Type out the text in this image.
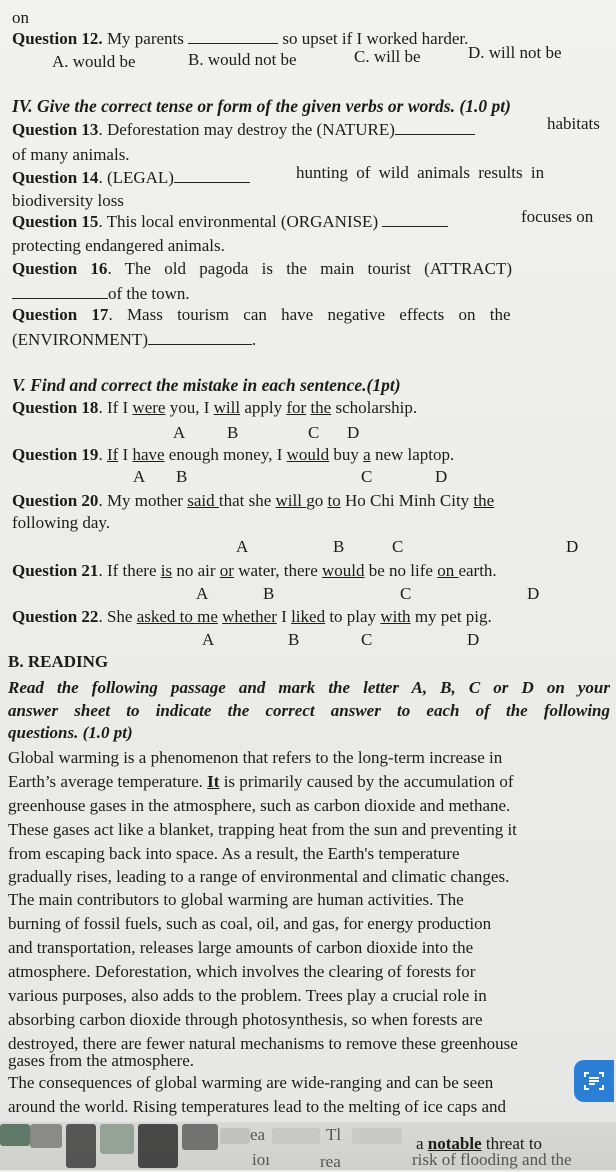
on
Question 12. My parents	so upset if I worked harder.
A. would be	B. would not be	C. will be	D. will not be
IV. Give the correct tense or form of the given verbs or words. (1.0 pt)
Question 13. Deforestation may destroy the (NATURE)	habitats
of many animals.
Question 14. (LEGAL)	hunting of wild animals results in
biodiversity loss
Question 15. This local environmental (ORGANISE)	focuses on
protecting endangered animals.
Question 16. The old pagoda is the main tourist (ATTRACT)
of the town.
Question 17. Mass tourism can have negative effects on the
(ENVIRONMENT)	.
V. Find and correct the mistake in each sentence.(1pt)
Question 18. If I were you, I will apply for the scholarship.
A B	C D
Question 19. If I have enough money, I would buy a new laptop.
A B	C	D
Question 20. My mother said that she will go to Ho Chi Minh City the
following day.
A	B	C	D
Question 21. If there is no air or water, there would be no life on earth.
A	B	C	D
Question 22. She asked to me whether I liked to play with my pet pig.
A	B	C	D
B. READING
Read the following passage and mark the letter A, B, C or D on your
answer sheet to indicate the correct answer to each of the following
questions. (1.0 pt)
Global warming is a phenomenon that refers to the long-term increase in
Earth’s average temperature. It is primarily caused by the accumulation of
greenhouse gases in the atmosphere, such as carbon dioxide and methane.
These gases act like a blanket, trapping heat from the sun and preventing it
from escaping back into space. As a result, the Earth's temperature
gradually rises, leading to a range of environmental and climatic changes.
The main contributors to global warming are human activities. The
burning of fossil fuels, such as coal, oil, and gas, for energy production
and transportation, releases large amounts of carbon dioxide into the
atmosphere. Deforestation, which involves the clearing of forests for
various purposes, also adds to the problem. Trees play a crucial role in
absorbing carbon dioxide through photosynthesis, so when forests are
destroyed, there are fewer natural mechanisms to remove these greenhouse
gases from the atmosphere.
The consequences of global warming are wide-ranging and can be seen
around the world. Rising temperatures lead to the melting of ice caps and
ea	Tl	a notable threat to
ioı	rea	risk of flooding and the
